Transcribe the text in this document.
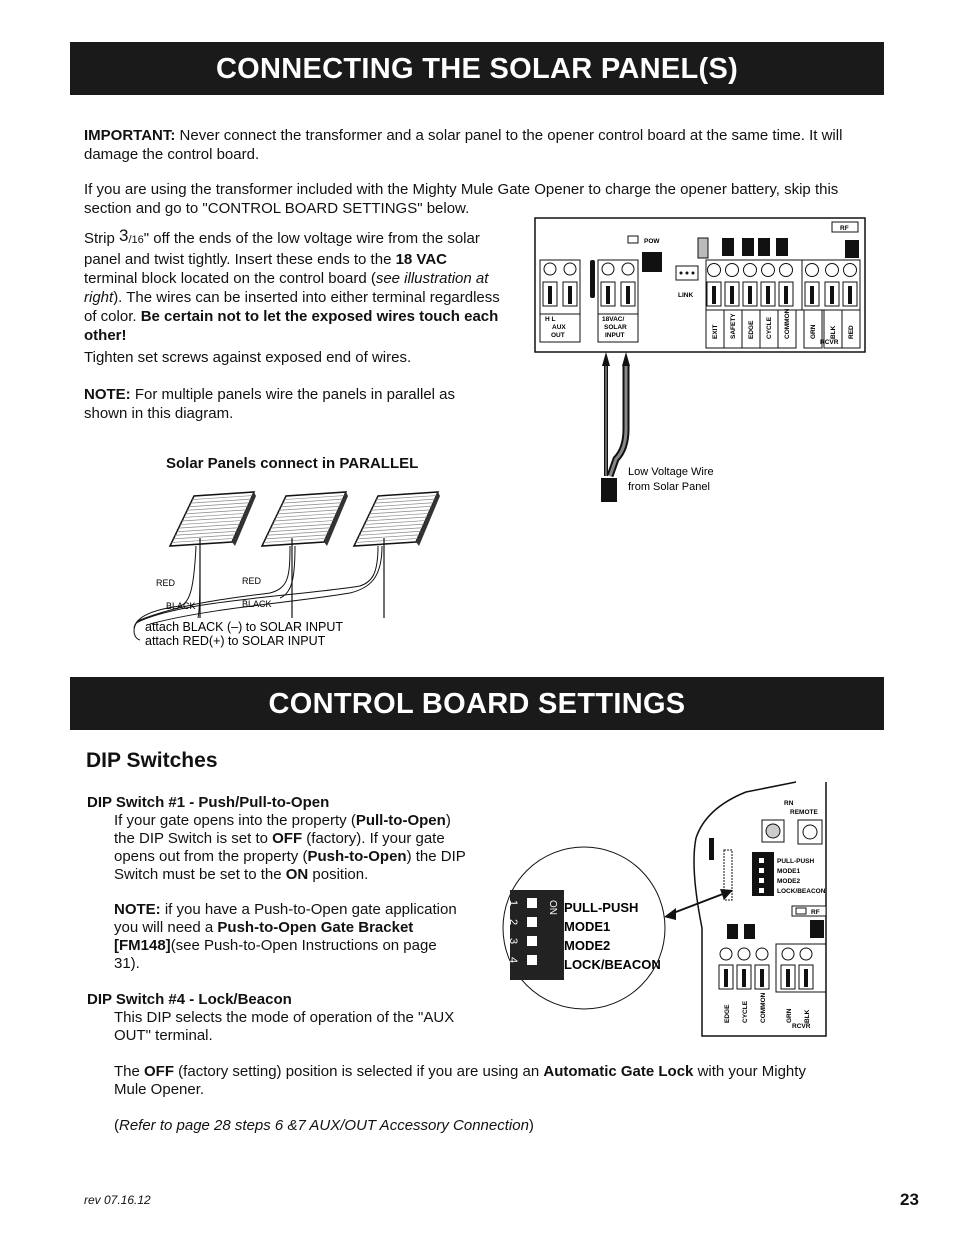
CONNECTING THE SOLAR PANEL(S)

IMPORTANT: Never connect the transformer and a solar panel to the opener control board at the same time. It will damage the control board.

If you are using the transformer included with the Mighty Mule Gate Opener to charge the opener battery, skip this section and go to "CONTROL BOARD SETTINGS" below.

Strip 3/16" off the ends of the low voltage wire from the solar panel and twist tightly. Insert these ends to the 18 VAC terminal block located on the control board (see illustration at right). The wires can be inserted into either terminal regardless of color. Be certain not to let the exposed wires touch each other!

Tighten set screws against exposed end of wires.

NOTE: For multiple panels wire the panels in parallel as shown in this diagram.

POW
RF
LINK
H L
AUX
OUT
18VAC/
SOLAR
INPUT	EXIT SAFETY EDGE CYCLE COMMON	GRN BLK RED
RCVR
Low Voltage Wire
from Solar Panel
Solar Panels connect in PARALLEL
RED	RED
BLACK	BLACK
attach BLACK (–) to SOLAR INPUT
attach RED(+) to SOLAR INPUT
CONTROL BOARD SETTINGS
DIP Switches

DIP Switch #1 - Push/Pull-to-Open

If your gate opens into the property (Pull-to-Open) the DIP Switch is set to OFF (factory). If your gate opens out from the property (Push-to-Open) the DIP Switch must be set to the ON position.

NOTE: if you have a Push-to-Open gate application you will need a Push-to-Open Gate Bracket [FM148](see Push-to-Open Instructions on page 31).

DIP Switch #4 - Lock/Beacon

This DIP selects the mode of operation of the "AUX OUT" terminal.

The OFF (factory setting) position is selected if you are using an Automatic Gate Lock with your Mighty Mule Opener.

(Refer to page 28 steps 6 &7 AUX/OUT Accessory Connection)

RN
REMOTE
PULL-PUSH
MODE1
MODE2
LOCK/BEACON
RF
EDGE CYCLE COMMON	GRN BLK
RCVR
ON
1
2
3
4
PULL-PUSH
MODE1
MODE2
LOCK/BEACON
rev 07.16.12	23
